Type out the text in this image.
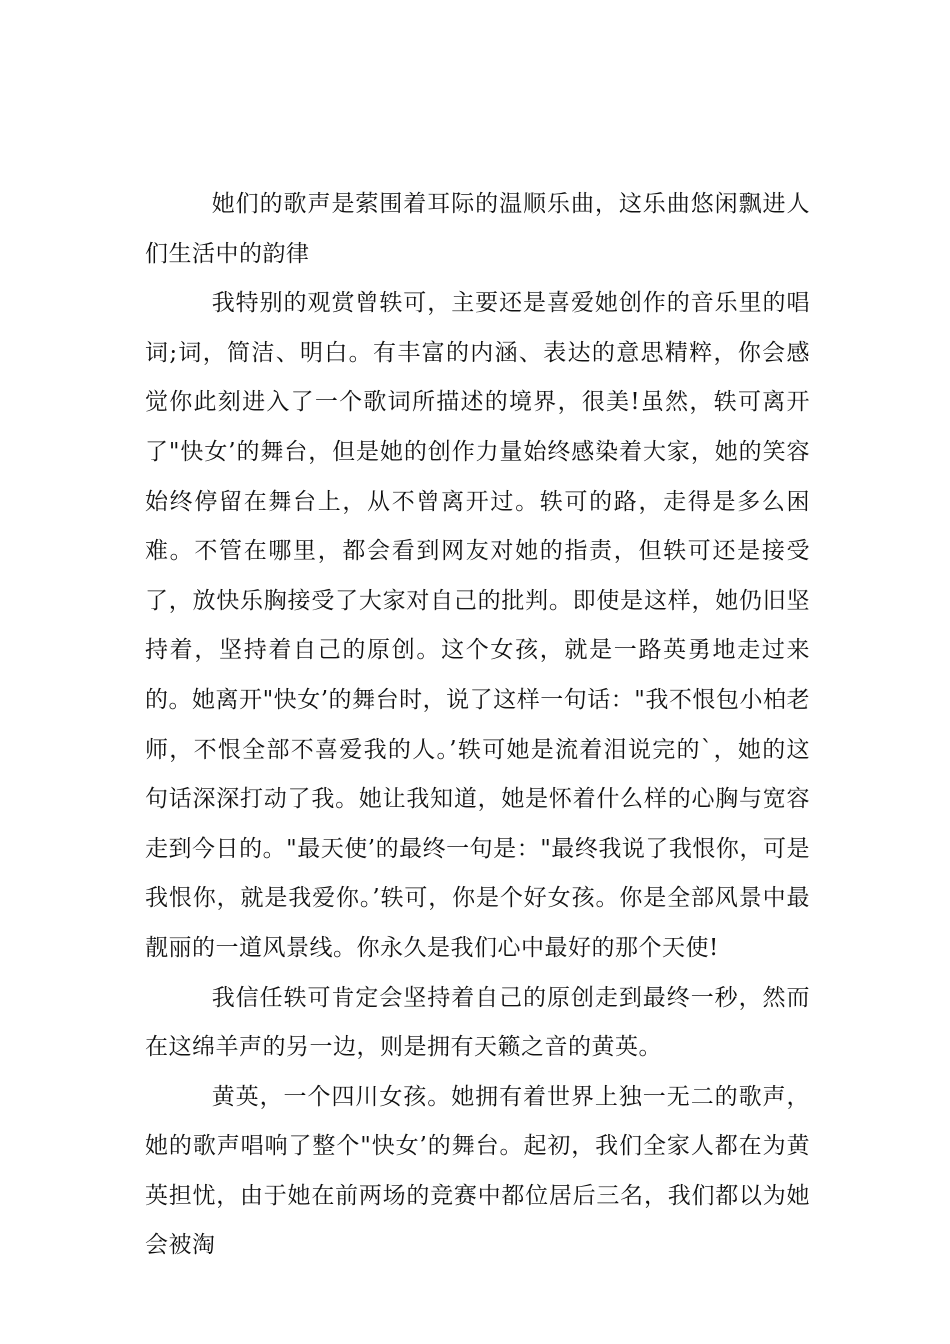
她们的歌声是萦围着耳际的温顺乐曲，这乐曲悠闲飘进人们生活中的韵律

我特别的观赏曾轶可，主要还是喜爱她创作的音乐里的唱词;词，简洁、明白。有丰富的内涵、表达的意思精粹，你会感觉你此刻进入了一个歌词所描述的境界，很美!虽然，轶可离开了"快女’的舞台，但是她的创作力量始终感染着大家，她的笑容始终停留在舞台上，从不曾离开过。轶可的路，走得是多么困难。不管在哪里，都会看到网友对她的指责，但轶可还是接受了，放快乐胸接受了大家对自己的批判。即使是这样，她仍旧坚持着，坚持着自己的原创。这个女孩，就是一路英勇地走过来的。她离开"快女’的舞台时，说了这样一句话："我不恨包小柏老师，不恨全部不喜爱我的人。’轶可她是流着泪说完的`，她的这句话深深打动了我。她让我知道，她是怀着什么样的心胸与宽容走到今日的。"最天使’的最终一句是："最终我说了我恨你，可是我恨你，就是我爱你。’轶可，你是个好女孩。你是全部风景中最靓丽的一道风景线。你永久是我们心中最好的那个天使!

我信任轶可肯定会坚持着自己的原创走到最终一秒，然而在这绵羊声的另一边，则是拥有天籁之音的黄英。

黄英，一个四川女孩。她拥有着世界上独一无二的歌声，她的歌声唱响了整个"快女’的舞台。起初，我们全家人都在为黄英担忧，由于她在前两场的竞赛中都位居后三名，我们都以为她会被淘
